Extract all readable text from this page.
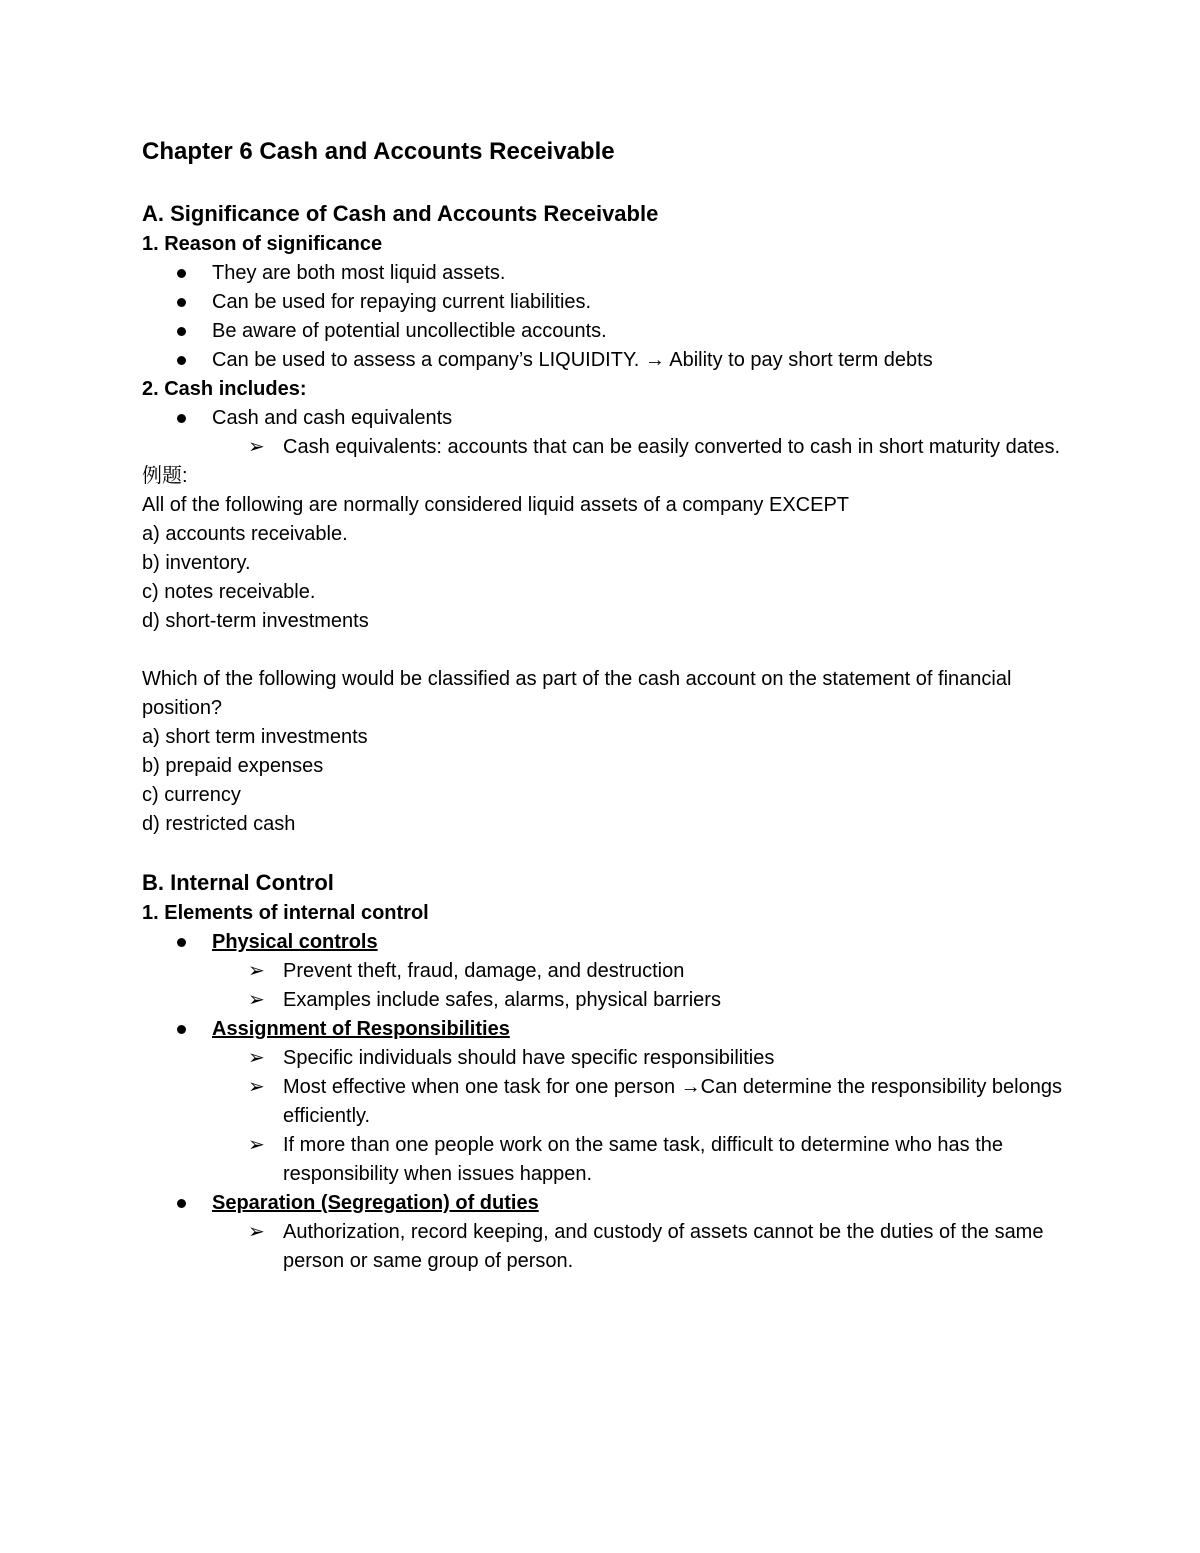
Chapter 6 Cash and Accounts Receivable
A. Significance of Cash and Accounts Receivable
1. Reason of significance
They are both most liquid assets.
Can be used for repaying current liabilities.
Be aware of potential uncollectible accounts.
Can be used to assess a company’s LIQUIDITY. → Ability to pay short term debts
2. Cash includes:
Cash and cash equivalents
➢ Cash equivalents: accounts that can be easily converted to cash in short maturity dates.
例题:
All of the following are normally considered liquid assets of a company EXCEPT
a) accounts receivable.
b) inventory.
c) notes receivable.
d) short-term investments
Which of the following would be classified as part of the cash account on the statement of financial position?
a) short term investments
b) prepaid expenses
c) currency
d) restricted cash
B. Internal Control
1. Elements of internal control
Physical controls
➢ Prevent theft, fraud, damage, and destruction
➢ Examples include safes, alarms, physical barriers
Assignment of Responsibilities
➢ Specific individuals should have specific responsibilities
➢ Most effective when one task for one person →Can determine the responsibility belongs efficiently.
➢ If more than one people work on the same task, difficult to determine who has the responsibility when issues happen.
Separation (Segregation) of duties
➢ Authorization, record keeping, and custody of assets cannot be the duties of the same person or same group of person.
